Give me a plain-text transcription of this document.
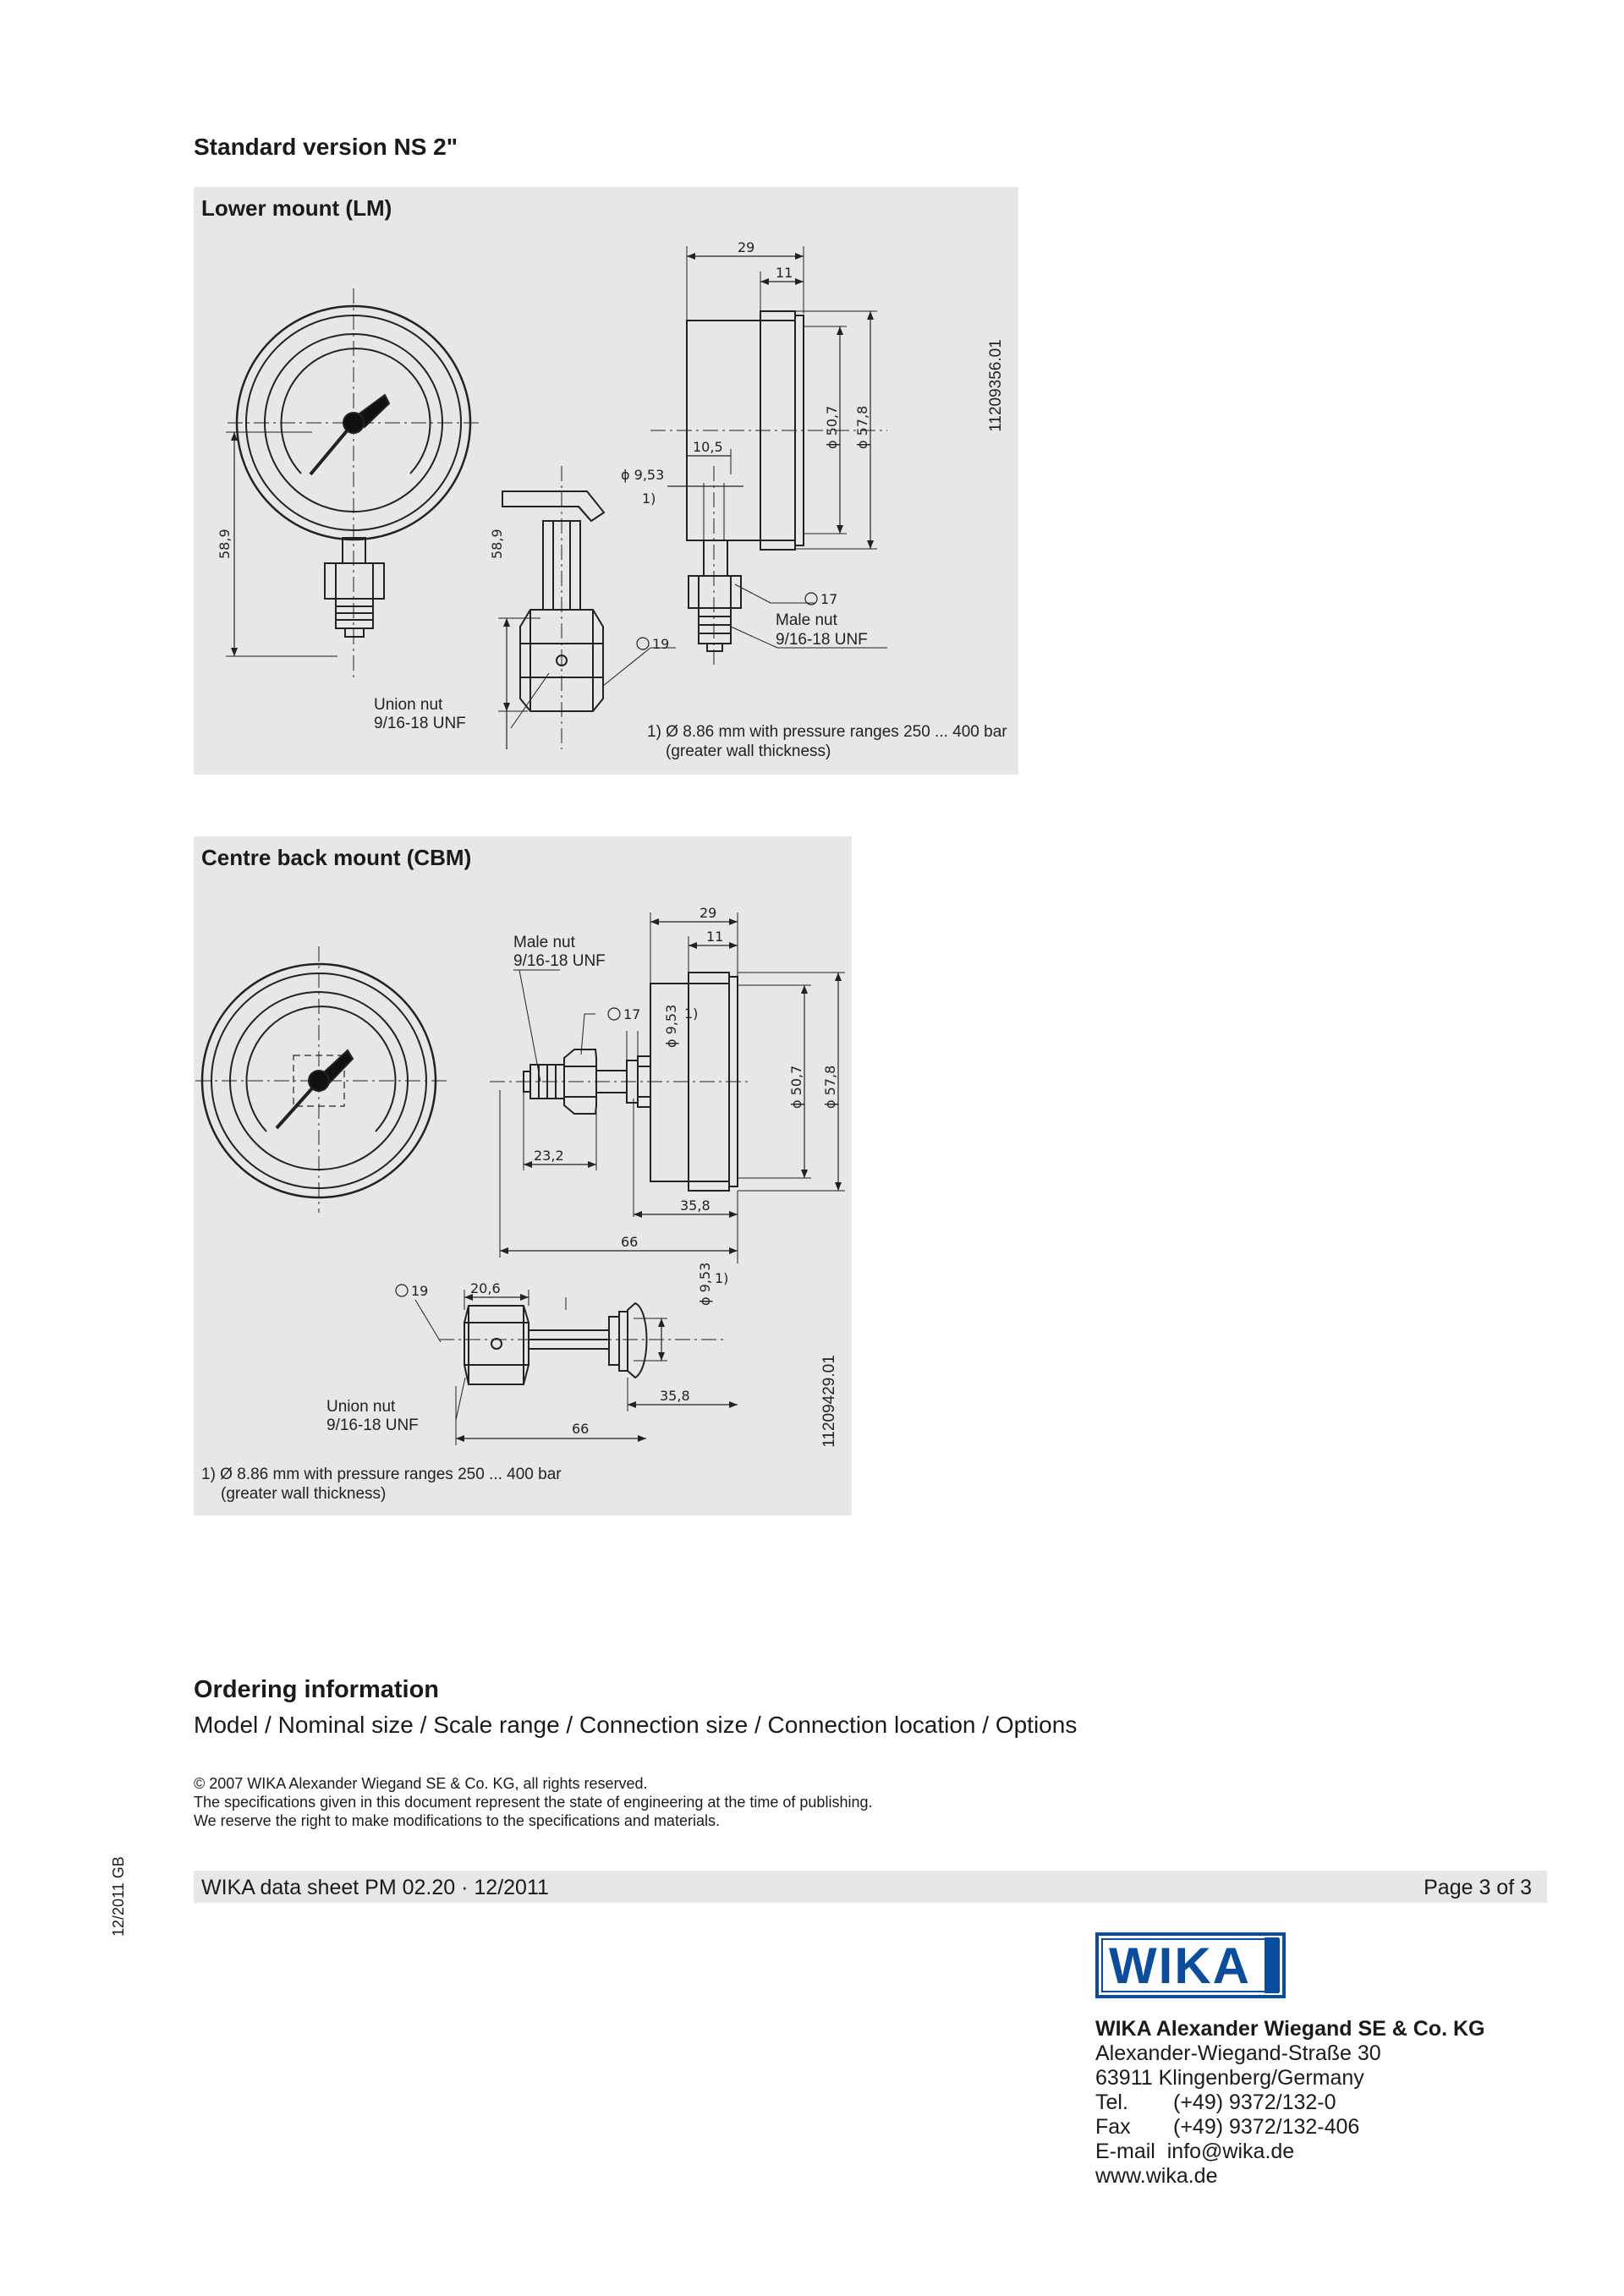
Standard version NS 2"
Lower mount (LM)
29
11
10,5
ϕ 9,53
1)
ϕ 50,7 ϕ 57,8
58,9	58,9
17
19
Male nut
9/16-18 UNF
Union nut
9/16-18 UNF	1) Ø 8.86 mm with pressure ranges 250 ... 400 bar
(greater wall thickness)
11209356.01
Centre back mount (CBM)
29
11
ϕ 9,53 1)
ϕ 50,7 ϕ 57,8
23,2
35,8
66
20,6	ϕ 9,53 1)
35,8
66
17
19
Male nut
9/16-18 UNF
Union nut
9/16-18 UNF
1) Ø 8.86 mm with pressure ranges 250 ... 400 bar
(greater wall thickness)
11209429.01
Ordering information
Model / Nominal size / Scale range / Connection size / Connection location / Options
© 2007 WIKA Alexander Wiegand SE & Co. KG, all rights reserved.
The specifications given in this document represent the state of engineering at the time of publishing.
We reserve the right to make modifications to the specifications and materials.
WIKA data sheet PM 02.20 · 12/2011	Page 3 of 3
12/2011 GB
WIKA
WIKA Alexander Wiegand SE & Co. KG
Alexander-Wiegand-Straße 30
63911 Klingenberg/Germany
Tel. (+49) 9372/132-0
Fax (+49) 9372/132-406
E-mail info@wika.de
www.wika.de
